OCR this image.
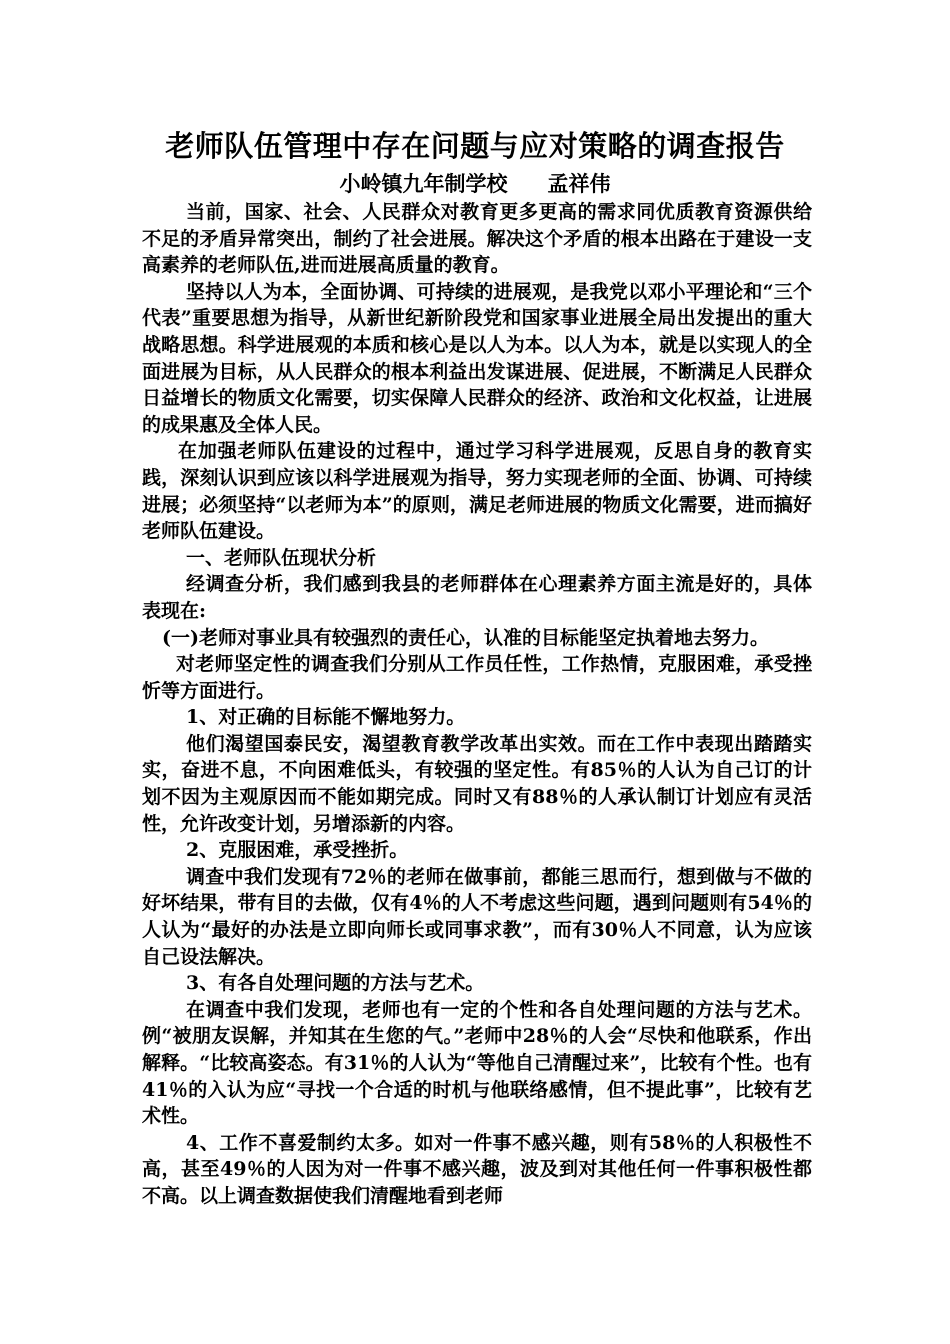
老师队伍管理中存在问题与应对策略的调查报告
小岭镇九年制学校 孟祥伟

当前，国家、社会、人民群众对教育更多更高的需求同优质教育资源供给不足的矛盾异常突出，制约了社会进展。解决这个矛盾的根本出路在于建设一支高素养的老师队伍,进而进展高质量的教育。

坚持以人为本，全面协调、可持续的进展观，是我党以邓小平理论和“三个代表”重要思想为指导，从新世纪新阶段党和国家事业进展全局出发提出的重大战略思想。科学进展观的本质和核心是以人为本。以人为本，就是以实现人的全面进展为目标，从人民群众的根本利益出发谋进展、促进展，不断满足人民群众日益增长的物质文化需要，切实保障人民群众的经济、政治和文化权益，让进展的成果惠及全体人民。

在加强老师队伍建设的过程中，通过学习科学进展观，反思自身的教育实践，深刻认识到应该以科学进展观为指导，努力实现老师的全面、协调、可持续进展；必须坚持“以老师为本”的原则，满足老师进展的物质文化需要，进而搞好老师队伍建设。

一、老师队伍现状分析

经调查分析，我们感到我县的老师群体在心理素养方面主流是好的，具体表现在:

(一)老师对事业具有较强烈的责任心，认准的目标能坚定执着地去努力。

对老师坚定性的调查我们分别从工作员任性，工作热情，克服困难，承受挫忻等方面进行。

1、对正确的目标能不懈地努力。

他们渴望国泰民安，渴望教育教学改革出实效。而在工作中表现出踏踏实实，奋进不息，不向困难低头，有较强的坚定性。有85％的人认为自己订的计划不因为主观原因而不能如期完成。同时又有88％的人承认制订计划应有灵活性，允许改变计划，另增添新的内容。

2、克服困难，承受挫折。

调查中我们发现有72％的老师在做事前，都能三思而行，想到做与不做的好坏结果，带有目的去做，仅有4％的人不考虑这些问题，遇到问题则有54％的人认为“最好的办法是立即向师长或同事求教”，而有30％人不同意，认为应该自己设法解决。

3、有各自处理问题的方法与艺术。

在调查中我们发现，老师也有一定的个性和各自处理问题的方法与艺术。例“被朋友误解，并知其在生您的气。”老师中28％的人会“尽快和他联系，作出解释。“比较高姿态。有31％的人认为“等他自己清醒过来”，比较有个性。也有41％的入认为应“寻找一个合适的时机与他联络感情，但不提此事”，比较有艺术性。

4、工作不喜爱制约太多。如对一件事不感兴趣，则有58％的人积极性不高，甚至49％的人因为对一件事不感兴趣，波及到对其他任何一件事积极性都不高。以上调查数据使我们清醒地看到老师
